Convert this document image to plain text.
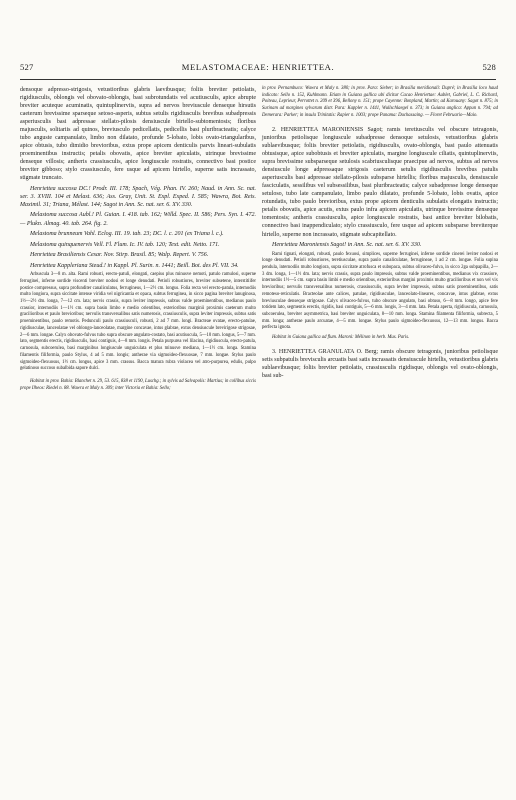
527	MELASTOMACEAE: HENRIETTEA.	528

densoque adpresso-strigosis, vetustioribus glabris laevibusque; foliis breviter petiolatis, rigidiusculis, oblongis vel obovato-oblongis, basi subrotundatis vel acutiusculis, apice abrupte breviter acuteque acuminatis, quintuplinerviis, supra ad nervos breviuscule denseque hirsutis caeterum brevissime sparseque setoso-asperis, subtus setulis rigidiusculis brevibus subadpressis asperiusculis basi adpressae stellato-pilosis densiuscule birtello-subtomentosis; floribus majusculis, solitariis ad quinos, breviusculo pedicellatis, pedicellis basi pluribracteatis; calyce tubo anguste campanulato, limbo non dilatato, profunde 5-lobato, lobis ovato-triangularibus, apice obtusis, tubo dimidio brevioribus, extus prope apicem denticulis parvis lineari-subulatis proeminentibus instructis; petalis obovatis, apice breviter apiculatis, utrinque brevissime denseque villosis; antheris crassiusculis, apice longiuscule rostratis, connectivo basi postice breviter gibboso; stylo crassiusculo, fere usque ad apicem hirtello, superne satis incrassato, stigmate truncato.

Henriettea succosa DC.! Prodr. III. 178; Spach, Vég. Phan. IV. 260; Naud. in Ann. Sc. nat. ser. 3. XVIII. 104 et Melast. 636; Ass. Gray, Unit. St. Expl. Exped. I. 585; Wawra, Bot. Reis. Maximil. 31; Triana, Mélast. 144; Sagot in Ann. Sc. nat. ser. 6. XV. 330.

Melastoma succosa Aubl.! Pl. Guian. I. 418. tab. 162; Willd. Spec. II. 586; Pers. Syn. I. 472. — Plukn. Almag. 40. tab. 264. fig. 2.

Melastoma brunneum Vahl. Eclog. III. 19. tab. 23; DC. l. c. 201 (ex Triana l. c.).

Melastoma quinquenervis Vell. Fl. Flum. Ic. IV. tab. 120; Text. edit. Netto. 171.

Henriettea Brasiliensis Cesar. Nov. Stirp. Brasil. 85; Walp. Repert. V. 756.

Henriettea Kappleriana Steud.! in Kappl. Pl. Surin. n. 1441; Beill. Bot. des Pl. VII. 34.

Arbuscula 3—8 m. alta. Rami robusti, erecto-patuli, elongati, caepius plus minusve nemoti, patulo ramulosi, superne ferruginei, inferne sordide viscenti breviter nodosi et longe denudati. Petioli robustiores, breviter subsetene, interstitiifer postice compressus, supra profunditer canaliculatus, ferrugineus, 1—2½ cm. longus. Folia recta vel erecto-patula, internodiis multo longiora, supra siccitate intense viridia vel nigricantia et opaca, subtus ferruginea, in sicco pagina breviter lanuginosa, 1½—2½ dm. longa, 7—12 cm. lata; nervis crassis, supra leviter impressis, subtus valde proeminentibus, medianus paulo crassior, internodiis 1—1½ cm. supra basin limbo e medio orientibus, exterioribus marginii proximis caeterum multo gracilioribus et paulo brevioribus; nervulis transversalibus satis numerosis, crassiusculis, supra leviter impressis, subtus satis proeminentibus, paulo remotis. Pedunculi paulo crassiusculi, robusti, 2 ad 7 mm. longi. Bracteae ovatae, erecto-patulae, rigidiusculae, lanceolatae vel oblongo-lanceolatae, margine concavae, intus glabrae, extus densiuscule brevirigose strigosae, 2—6 mm. longae. Calyx obovato-fulvus tubo supra obscure angulato-costato, basi acutiuscula, 5—10 mm. longus, 5—7 mm. lato, segmentis erectis, rigidiusculis, basi contiguis, 4—8 mm. longis. Petala purpurea vel lilacina, rigidiuscula, erecto-patula, carnosula, subcoerulea, basi marginibus longiuscule unguiculata et plus minusve mediana, 1—1½ cm. longa. Stamina filamentis filiformia, paulo Stylus, 4 ad 5 mm. longis; antherae via sigmoideo-flexuosae, 7 mm. longae. Stylus paulo sigmoideo-flexuosus, 1½ cm. longus, apice 3 mm. crassus. Bacca matura rubra violacea vel atro-purpurea, edulis, pulpo gelatinoso succoso subalbida sapore dulci.

Habitat in prov. Bahia: Blanchet n. 29, 53. 615, 838 et 1190, Luschg.; in sylvis ad Salvapolis: Martius; in collibus siccis prope Ilheos: Riedel n. 88. Wawra et Maly n. 309; inter Victoria et Bahia: Sello;

in prov. Pernambuco: Wawra et Maly n. 380; in prov. Para: Sieber; in Brasilia meridionali: Dupré; in Brasilia loco haud indicato: Sello n. 152, Kuhlmann. Etiam in Guiana gallica ubi dicitur Cacao Henriettae: Aublet, Gabriel, L. C. Richard, Poiteau, Leprieur, Perrottet n. 209 et 396, Bellony n. 151; prope Cayenne: Bonpland, Martin; ad Karouany: Sagot n. 875; in Surinam ad margines sylvarum distr. Para: Kappler n. 1441, Wullschlaegel n. 373; in Guiana anglica: Appun n. 794; ad Demerara: Parker; in insula Trinitatis: Rapier n. 1003; prope Panama: Duchassaing. — Floret Februario—Maio.

2. HENRIETTEA MARONIENSIS Sagot; ramis teretiusculis vel obscure tetragonis, junioribus petiolisque longiuscule subadpresse densoque setulosis, vetustioribus glabris sublaevibusque; foliis breviter petiolatis, rigidiusculis, ovato-oblongis, basi paulo attenuatis obtusisque, apice subobtusis et breviter apiculatis, margine longiuscule ciliatis, quintuplinerviis, supra brevissime subsparseque setulosis scabriusculisque praecipue ad nervos, subtus ad nervos densiuscule longe adpressaque strigosis caeterum setulis rigidiusculis brevibus patulis asperiusculis basi adpressae stellato-pilosis subsparse hirtellis; floribus majusculis, densiuscule fasciculatis, sessilibus vel subsessilibus, basi pluribracteatis; calyce subadpresse longe denseque setuloso, tubo late campanulato, limbo paulo dilatato, profunde 5-lobato, lobis ovatis, apice rotundatis, tubo paulo brevioribus, extus prope apicem denticulis subulatis elongatis instructis; petalis obovatis, apice acutis, extus paulo infra apicem apiculatis, utrinque brevissime denseque tomentosis; antheris crassiusculis, apice longiuscule rostratis, basi antice breviter bilobatis, connectivo basi inappendiculato; stylo crassiusculo, fere usque ad apicem subsparse breviterque hirtello, superne non incrassato, stigmate subcapitellato.

Henriettea Maroniensis Sagot! in Ann. Sc. nat. ser. 6. XV. 330.

Rami tignati, elongati, robusti, paulo fexuosi, simplices, superne ferruginei, inferne sordide cinerei leviter nodosi et longe denudati. Petioli robustiores, teretiusculae, supra paulo canaliculatae, ferrugineae, 1 ad 2 cm. longae. Folia supina pendula, internodiis multo longiora, supra siccitate atrofusca et subopaca, subtus olivaceo-fulva, in sicco 2ga subpapilla, 2—3 dm. longa, 1—1½ dm. lata; nervis crassis, supra paulo impressis, subtus valde proeminentibus, medianus vix crassiore, internodiis 1½—5 cm. supra basin limbi e medio orientibus, exterioribus margini proximis multo gracilioribus et non vel vix brevioribus; nervulis transversalibus numerosis, crassiusculis, supra leviter impressis, subtus satis proeminentibus, satis remoteso-reticulatis. Bracteolae ante calices, patulae, rigidiusculae, lanceolato-lineares, concavae, intus glabrae, extus breviusculae denseque strigosae. Calyx olivaceo-fulvus, tubo obscure angulato, basi obtuso, 6—8 mm. longo, apice fere totidem lato, segmentis erectis, rigidis, basi contiguis, 5—6 mm. longis, 3—4 mm. lata. Petala aperta, rigidiuscula, carnosula, subcoerulea, breviter asymmetrica, basi breviter unguiculata, 8—10 mm. longa. Stamina filamenta filiformia, subrecta, 5 mm. longa; antherae paulo arcuatae, 4—5 mm. longae. Stylus paulo sigmoideo-flexuosus, 12—13 mm. longus. Bacca perfecta ignota.

Habitat in Guiana gallica ad flum. Maroni: Mélinon in herb. Mus. Paris.

3. HENRIETTEA GRANULATA O. Berg; ramis obscure tetragonis, junioribus petiolisque setis subpatulis brevisculis arcuatis basi satis incrassatis densiuscule hirtellis, vetustioribus glabris sublaevibusque; foliis breviter petiolatis, crassiusculis rigidisque, oblongis vel ovato-oblongis, basi sub-
